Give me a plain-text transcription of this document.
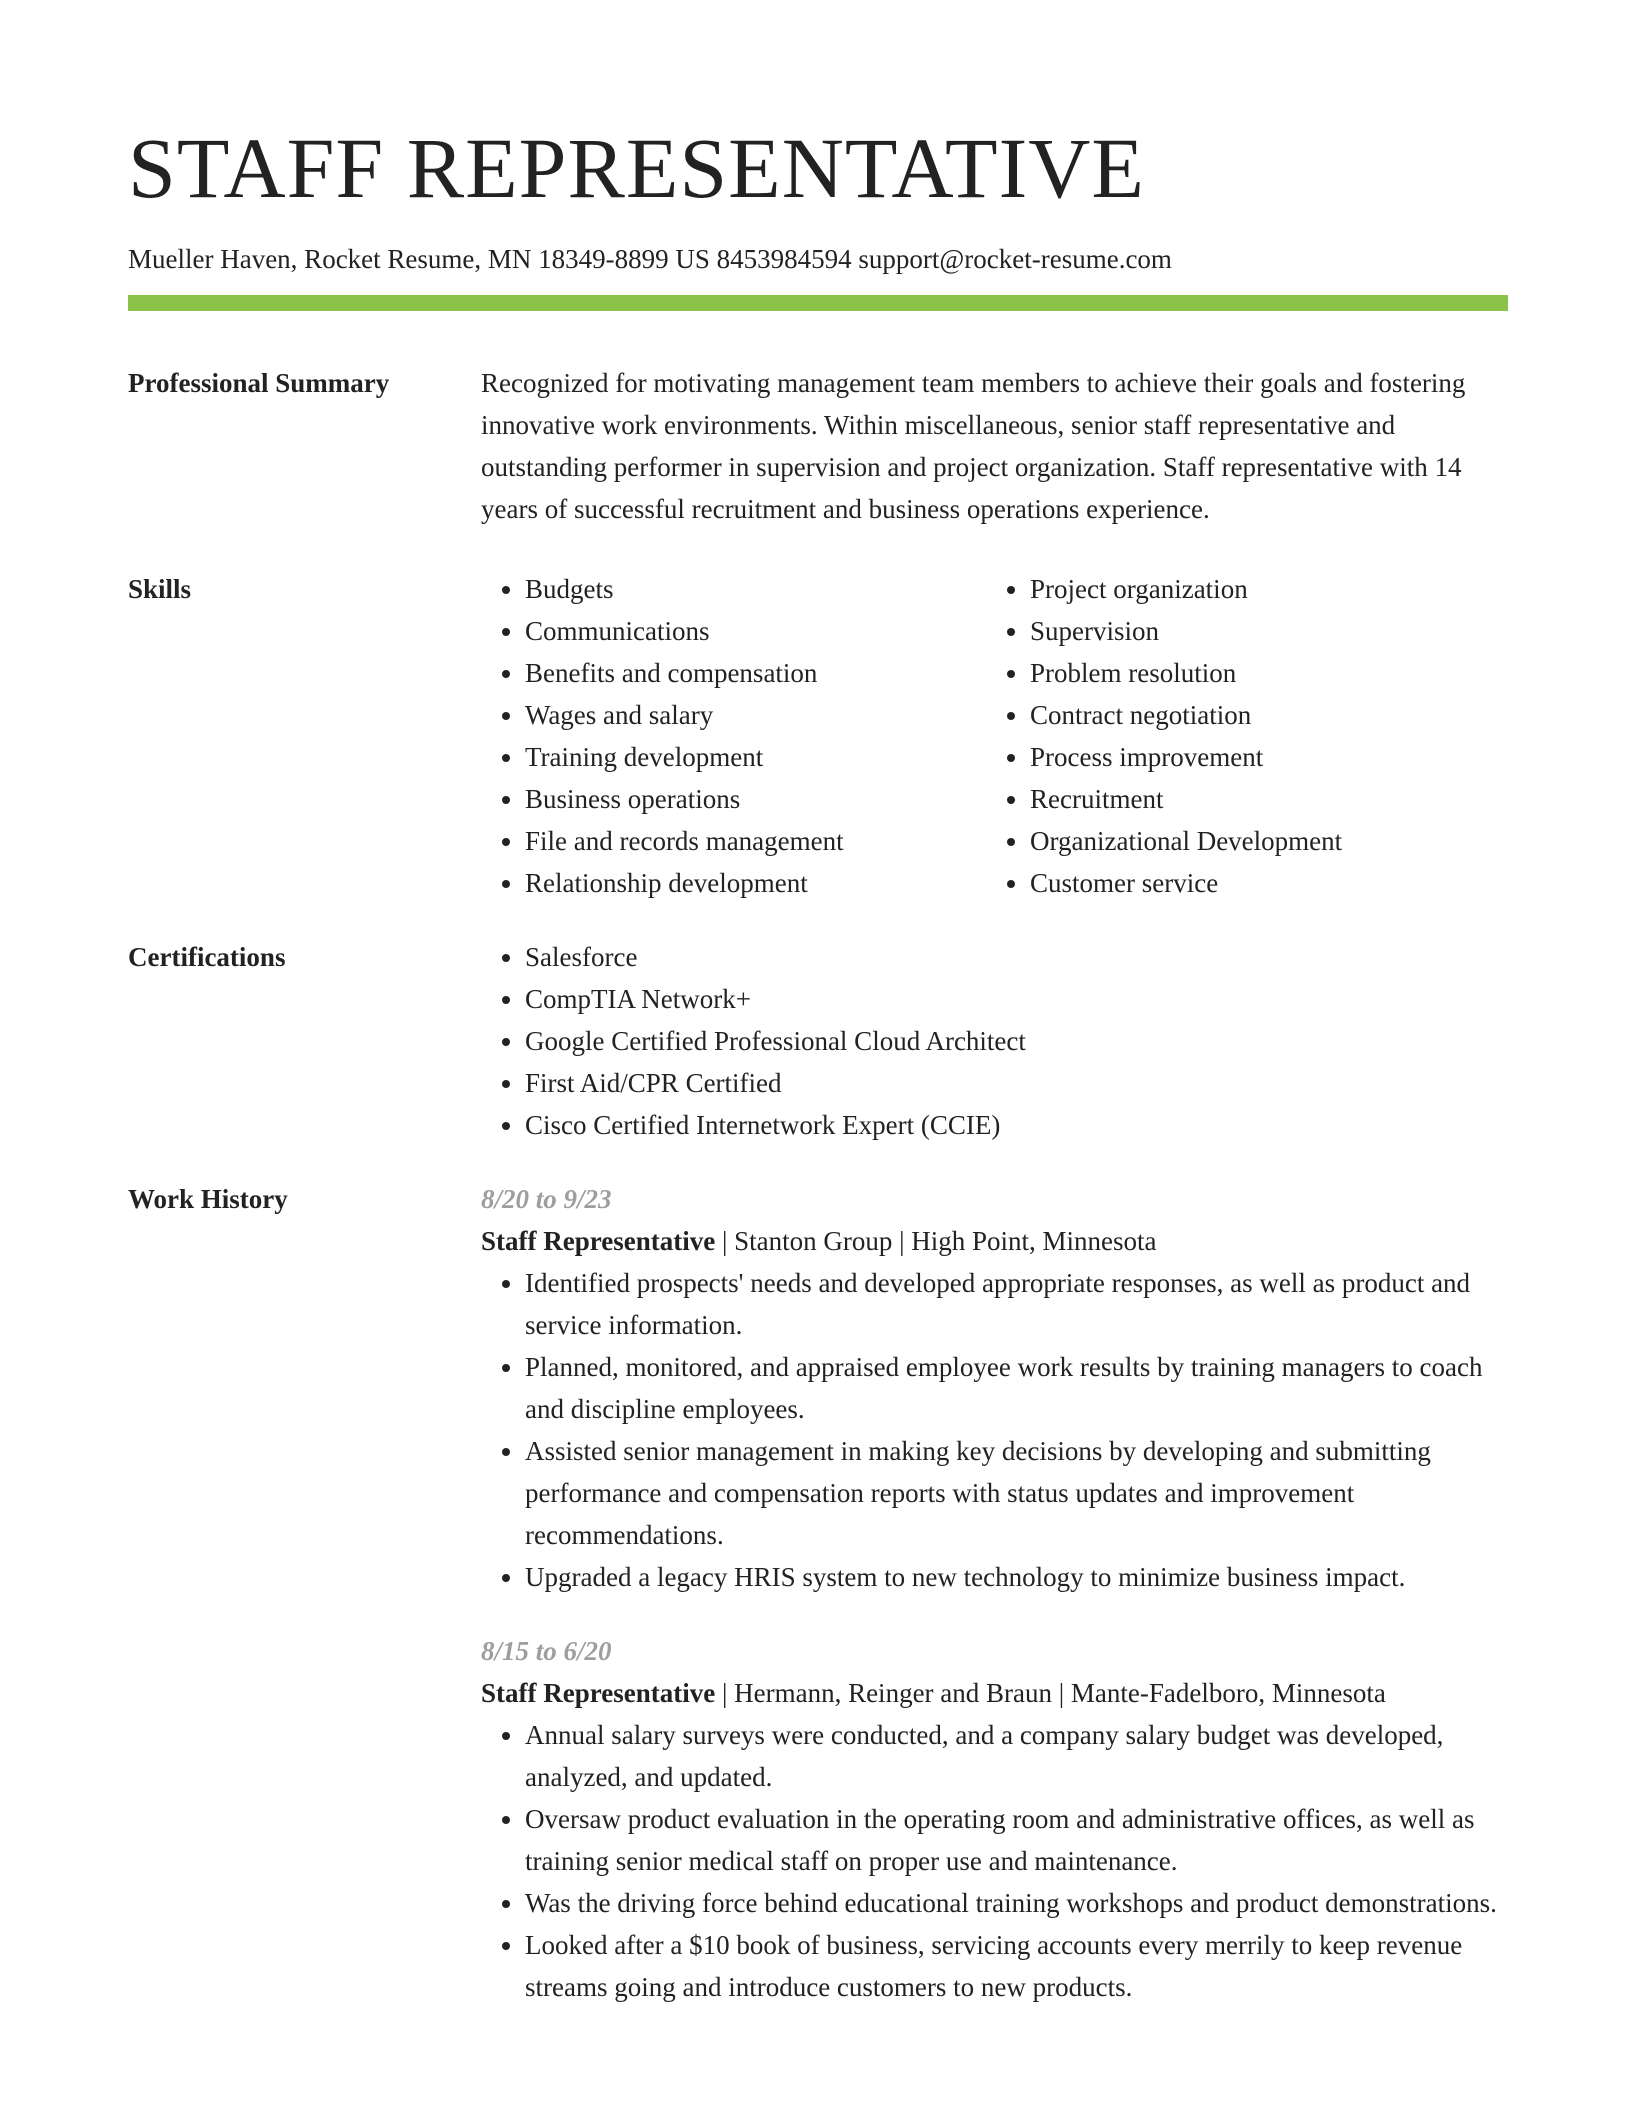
STAFF REPRESENTATIVE
Mueller Haven, Rocket Resume, MN 18349-8899 US 8453984594 support@rocket-resume.com
Professional Summary	Recognized for motivating management team members to achieve their goals and fostering innovative work environments. Within miscellaneous, senior staff representative and outstanding performer in supervision and project organization. Staff representative with 14 years of successful recruitment and business operations experience.
Skills	• Budgets
• Communications
• Benefits and compensation
• Wages and salary
• Training development
• Business operations
• File and records management
• Relationship development
• Project organization
• Supervision
• Problem resolution
• Contract negotiation
• Process improvement
• Recruitment
• Organizational Development
• Customer service
Certifications	• Salesforce
• CompTIA Network+
• Google Certified Professional Cloud Architect
• First Aid/CPR Certified
• Cisco Certified Internetwork Expert (CCIE)
Work History	8/20 to 9/23
Staff Representative | Stanton Group | High Point, Minnesota
• Identified prospects' needs and developed appropriate responses, as well as product and service information.
• Planned, monitored, and appraised employee work results by training managers to coach and discipline employees.
• Assisted senior management in making key decisions by developing and submitting performance and compensation reports with status updates and improvement recommendations.
• Upgraded a legacy HRIS system to new technology to minimize business impact.
8/15 to 6/20
Staff Representative | Hermann, Reinger and Braun | Mante-Fadelboro, Minnesota
• Annual salary surveys were conducted, and a company salary budget was developed, analyzed, and updated.
• Oversaw product evaluation in the operating room and administrative offices, as well as training senior medical staff on proper use and maintenance.
• Was the driving force behind educational training workshops and product demonstrations.
• Looked after a $10 book of business, servicing accounts every merrily to keep revenue streams going and introduce customers to new products.
